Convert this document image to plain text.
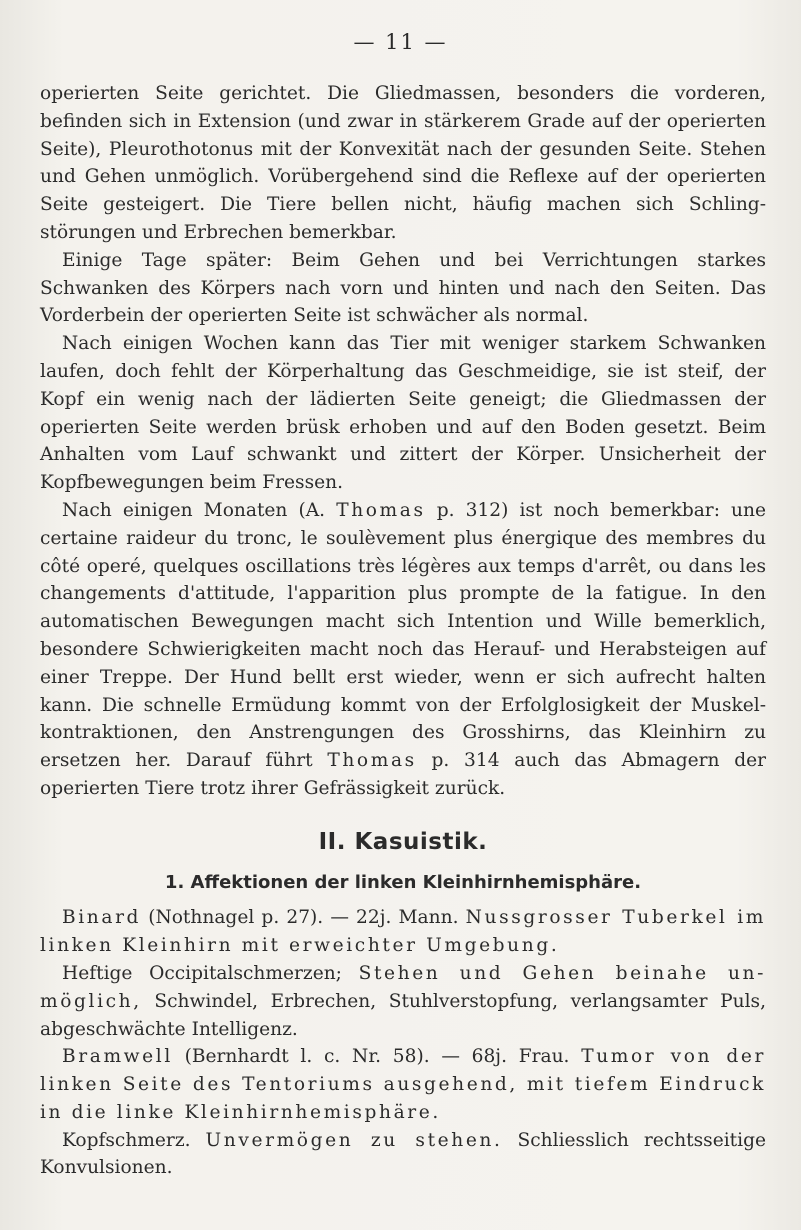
— 11 —

operierten Seite gerichtet. Die Gliedmassen, besonders die vorderen, befinden sich in Extension (und zwar in stärkerem Grade auf der operierten Seite), Pleurothotonus mit der Konvexität nach der gesunden Seite. Stehen und Gehen unmöglich. Vorübergehend sind die Reflexe auf der operierten Seite gesteigert. Die Tiere bellen nicht, häufig machen sich Schling-störungen und Erbrechen bemerkbar.

Einige Tage später: Beim Gehen und bei Verrichtungen starkes Schwanken des Körpers nach vorn und hinten und nach den Seiten. Das Vorderbein der operierten Seite ist schwächer als normal.

Nach einigen Wochen kann das Tier mit weniger starkem Schwanken laufen, doch fehlt der Körperhaltung das Geschmeidige, sie ist steif, der Kopf ein wenig nach der lädierten Seite geneigt; die Gliedmassen der operierten Seite werden brüsk erhoben und auf den Boden gesetzt. Beim Anhalten vom Lauf schwankt und zittert der Körper. Unsicherheit der Kopfbewegungen beim Fressen.

Nach einigen Monaten (A. Thomas p. 312) ist noch bemerkbar: une certaine raideur du tronc, le soulèvement plus énergique des membres du côté operé, quelques oscillations très légères aux temps d'arrêt, ou dans les changements d'attitude, l'apparition plus prompte de la fatigue. In den automatischen Bewegungen macht sich Intention und Wille bemerklich, besondere Schwierigkeiten macht noch das Herauf- und Herabsteigen auf einer Treppe. Der Hund bellt erst wieder, wenn er sich aufrecht halten kann. Die schnelle Ermüdung kommt von der Erfolglosigkeit der Muskel-kontraktionen, den Anstrengungen des Grosshirns, das Kleinhirn zu ersetzen her. Darauf führt Thomas p. 314 auch das Abmagern der operierten Tiere trotz ihrer Gefrässigkeit zurück.

II. Kasuistik.
1. Affektionen der linken Kleinhirnhemisphäre.

Binard (Nothnagel p. 27). — 22j. Mann. Nussgrosser Tuberkel im linken Kleinhirn mit erweichter Umgebung.

Heftige Occipitalschmerzen; Stehen und Gehen beinahe un-möglich, Schwindel, Erbrechen, Stuhlverstopfung, verlangsamter Puls, abgeschwächte Intelligenz.

Bramwell (Bernhardt l. c. Nr. 58). — 68j. Frau. Tumor von der linken Seite des Tentoriums ausgehend, mit tiefem Eindruck in die linke Kleinhirnhemisphäre.

Kopfschmerz. Unvermögen zu stehen. Schliesslich rechtsseitige Konvulsionen.
